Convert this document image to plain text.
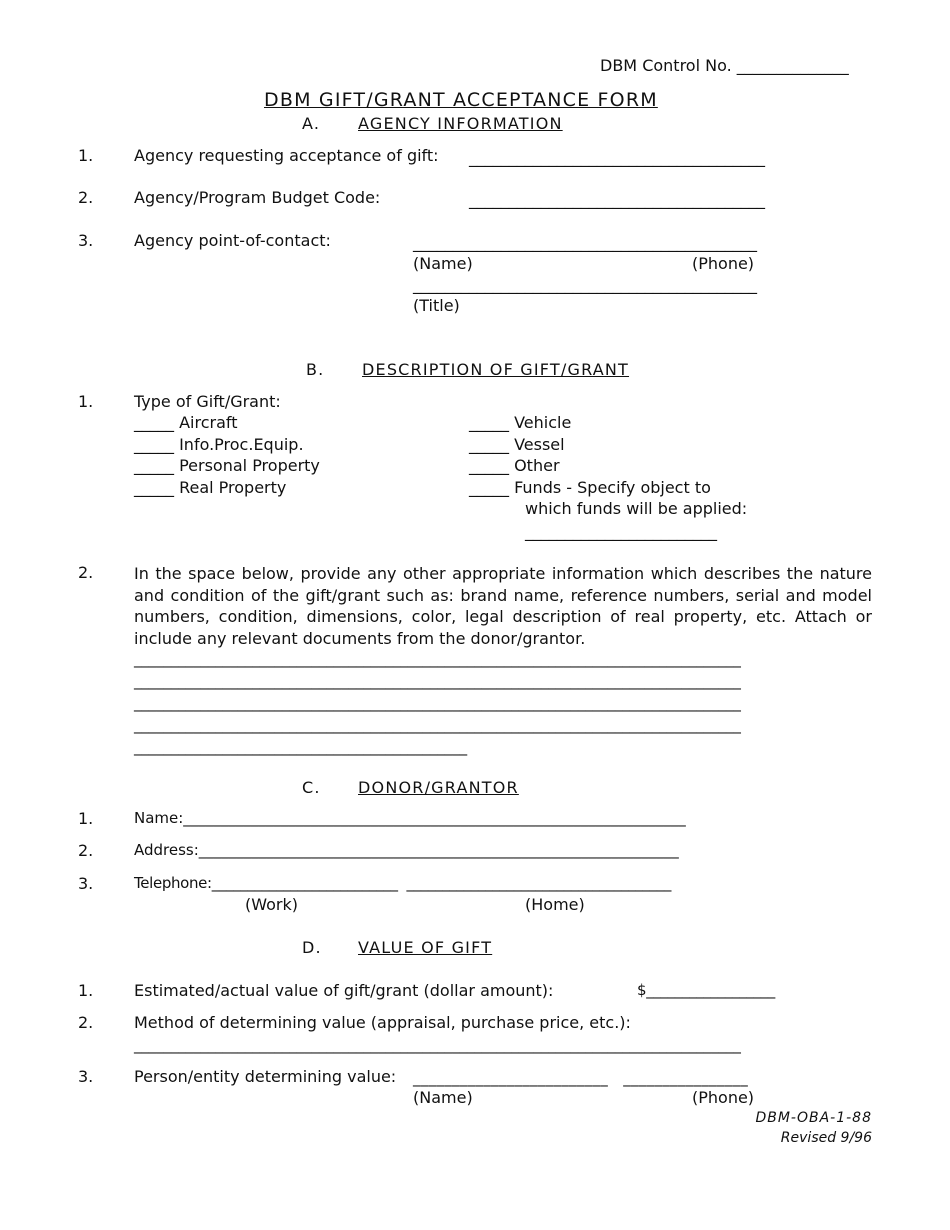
DBM Control No. ______________
DBM GIFT/GRANT ACCEPTANCE FORM
A. AGENCY INFORMATION
1.	Agency requesting acceptance of gift: _____________________________________
2.	Agency/Program Budget Code:	_____________________________________
3.	Agency point-of-contact:	___________________________________________
(Name)	(Phone)
___________________________________________
(Title)
B. DESCRIPTION OF GIFT/GRANT
1.	Type of Gift/Grant:
_____ Aircraft
_____ Info.Proc.Equip.
_____ Personal Property
_____ Real Property
_____ Vehicle
_____ Vessel
_____ Other
_____ Funds - Specify object to
which funds will be applied:
________________________
2.	In the space below, provide any other appropriate information which describes the nature and condition of the gift/grant such as: brand name, reference numbers, serial and model numbers, condition, dimensions, color, legal description of real property, etc. Attach or include any relevant documents from the donor/grantor.
__________________________________________________________________________________
__________________________________________________________________________________
__________________________________________________________________________________
__________________________________________________________________________________
_____________________________________________
C. DONOR/GRANTOR
1.	Name:___________________________________________________________________
2.	Address:________________________________________________________________
3.	Telephone:__________________________  _____________________________________
(Work)	(Home)
D. VALUE OF GIFT
1.	Estimated/actual value of gift/grant (dollar amount):	$__________________
2.	Method of determining value (appraisal, purchase price, etc.):
__________________________________________________________________________________
3.	Person/entity determining value: _________________________   ________________
(Name)	(Phone)
DBM-OBA-1-88
Revised 9/96
